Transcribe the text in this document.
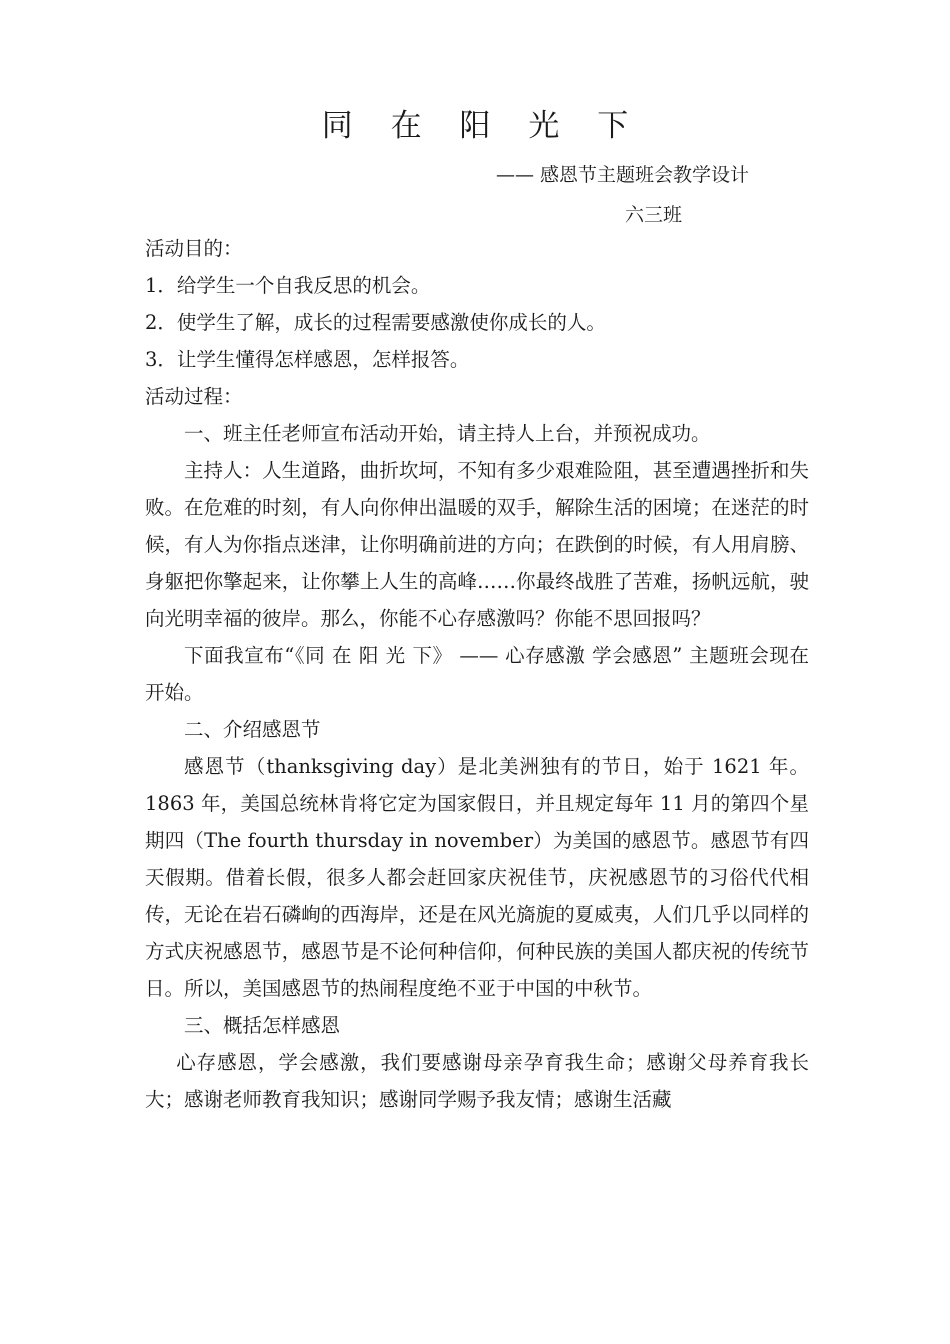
同 在 阳 光 下
—— 感恩节主题班会教学设计
六三班

活动目的：

1．给学生一个自我反思的机会。

2．使学生了解，成长的过程需要感激使你成长的人。

3．让学生懂得怎样感恩，怎样报答。

活动过程：

一、班主任老师宣布活动开始，请主持人上台，并预祝成功。

主持人：人生道路，曲折坎坷，不知有多少艰难险阻，甚至遭遇挫折和失败。在危难的时刻，有人向你伸出温暖的双手，解除生活的困境；在迷茫的时候，有人为你指点迷津，让你明确前进的方向；在跌倒的时候，有人用肩膀、身躯把你擎起来，让你攀上人生的高峰……你最终战胜了苦难，扬帆远航，驶向光明幸福的彼岸。那么，你能不心存感激吗？你能不思回报吗？

下面我宣布“《同 在 阳 光 下》 —— 心存感激 学会感恩” 主题班会现在开始。

二、介绍感恩节

感恩节（thanksgiving day）是北美洲独有的节日，始于 1621 年。1863 年，美国总统林肯将它定为国家假日，并且规定每年 11 月的第四个星期四（The fourth thursday in november）为美国的感恩节。感恩节有四天假期。借着长假，很多人都会赶回家庆祝佳节，庆祝感恩节的习俗代代相传，无论在岩石磷峋的西海岸，还是在风光旖旎的夏威夷，人们几乎以同样的方式庆祝感恩节，感恩节是不论何种信仰，何种民族的美国人都庆祝的传统节日。所以，美国感恩节的热闹程度绝不亚于中国的中秋节。

三、概括怎样感恩

心存感恩，学会感激，我们要感谢母亲孕育我生命；感谢父母养育我长大；感谢老师教育我知识；感谢同学赐予我友情；感谢生活藏
